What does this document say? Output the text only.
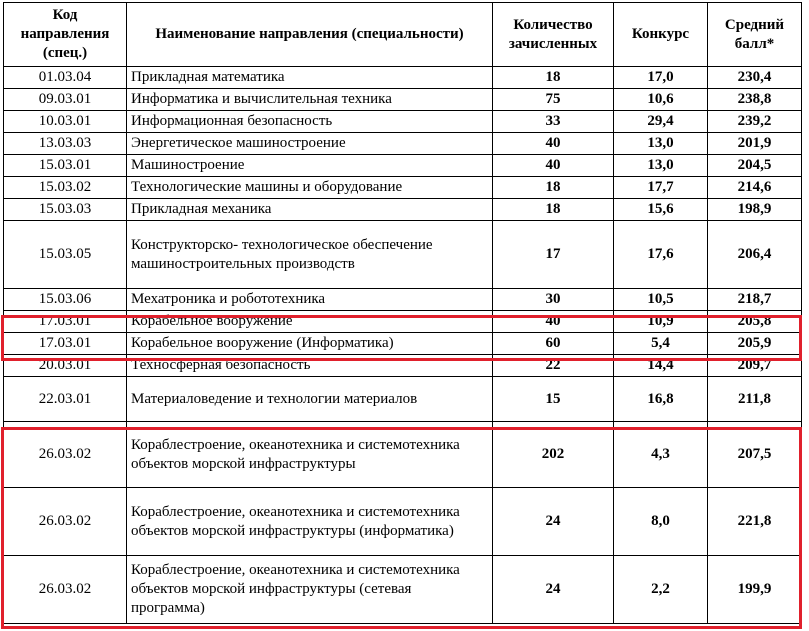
Код направления (спец.)	Наименование направления (специальности)	Количество зачисленных	Конкурс	Средний балл*
01.03.04	Прикладная математика	18	17,0	230,4
09.03.01	Информатика и вычислительная техника	75	10,6	238,8
10.03.01	Информационная безопасность	33	29,4	239,2
13.03.03	Энергетическое машиностроение	40	13,0	201,9
15.03.01	Машиностроение	40	13,0	204,5
15.03.02	Технологические машины и оборудование	18	17,7	214,6
15.03.03	Прикладная механика	18	15,6	198,9
15.03.05	Конструкторско- технологическое обеспечение машиностроительных производств	17	17,6	206,4
15.03.06	Мехатроника и робототехника	30	10,5	218,7
17.03.01	Корабельное вооружение	40	10,9	205,8
17.03.01	Корабельное вооружение (Информатика)	60	5,4	205,9
20.03.01	Техносферная безопасность	22	14,4	209,7
22.03.01	Материаловедение и технологии материалов	15	16,8	211,8
26.03.02	Кораблестроение, океанотехника и системотехника объектов морской инфраструктуры	202	4,3	207,5
26.03.02	Кораблестроение, океанотехника и системотехника объектов морской инфраструктуры (информатика)	24	8,0	221,8
26.03.02	Кораблестроение, океанотехника и системотехника объектов морской инфраструктуры (сетевая программа)	24	2,2	199,9
